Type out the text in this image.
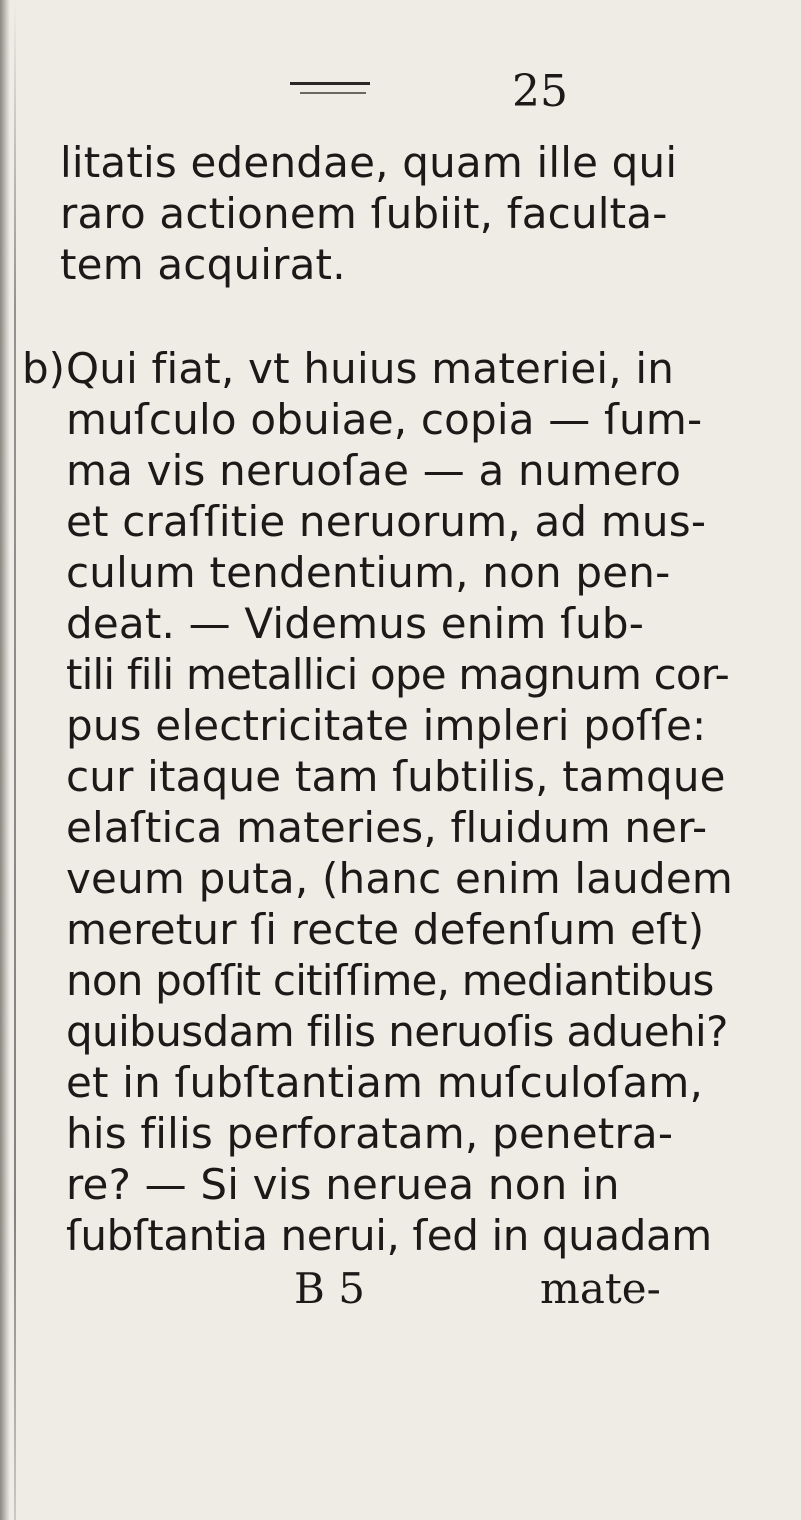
25
litatis edendae, quam ille qui
raro aϲtionem ſubiit, faculta-
tem acquirat.
b) Qui fiat, vt huius materiei, in
muſculo obuiae, copia — ſum-
ma vis neruoſae — a numero
et craſſitie neruorum, ad mus-
culum tendentium, non pen-
deat. — Videmus enim ſub-
tili fili metallici ope magnum cor-
pus electricitate impleri poſſe:
cur itaque tam ſubtilis, tamque
elaſtica materies, fluidum ner-
veum puta, (hanc enim laudem
meretur ſi recte defenſum eſt)
non poſſit citiſſime, mediantibus
quibusdam filis neruoſis aduehi?
et in ſubſtantiam muſculoſam,
his filis perforatam, penetra-
re? — Si vis neruea non in
ſubſtantia nerui, ſed in quadam
B 5	mate-
